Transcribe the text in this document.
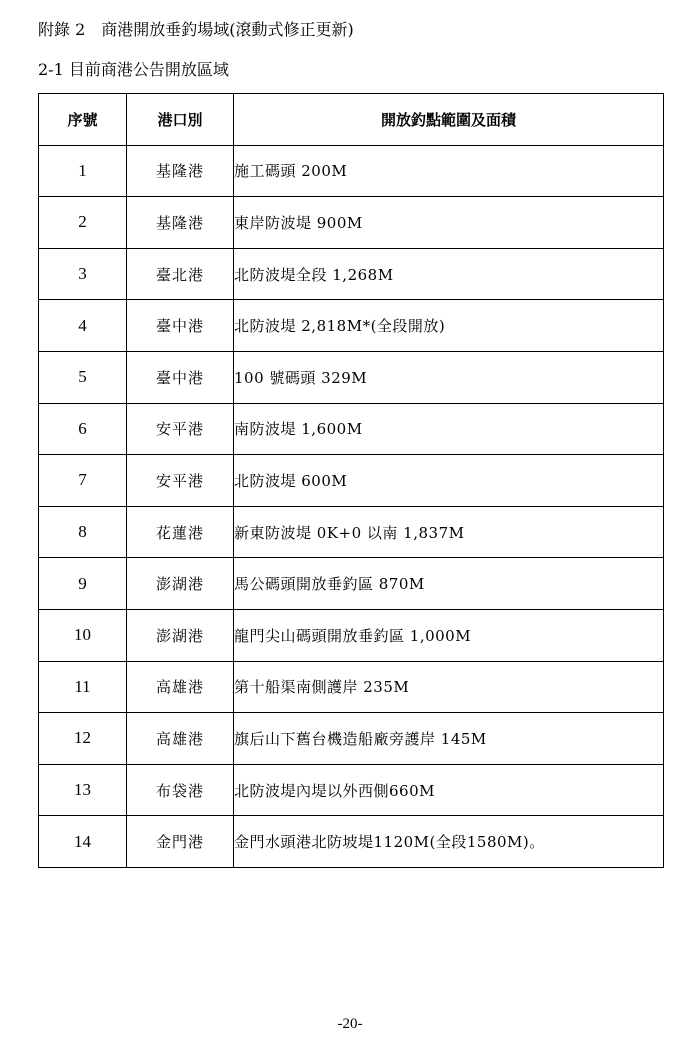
附錄 2　商港開放垂釣場域(滾動式修正更新)
2-1 目前商港公告開放區域
序號	港口別	開放釣點範圍及面積
1	基隆港	施工碼頭 200M
2	基隆港	東岸防波堤 900M
3	臺北港	北防波堤全段 1,268M
4	臺中港	北防波堤 2,818M*(全段開放)
5	臺中港	100 號碼頭 329M
6	安平港	南防波堤 1,600M
7	安平港	北防波堤 600M
8	花蓮港	新東防波堤 0K+0 以南 1,837M
9	澎湖港	馬公碼頭開放垂釣區 870M
10	澎湖港	龍門尖山碼頭開放垂釣區 1,000M
11	高雄港	第十船渠南側護岸 235M
12	高雄港	旗后山下舊台機造船廠旁護岸 145M
13	布袋港	北防波堤內堤以外西側660M
14	金門港	金門水頭港北防坡堤1120M(全段1580M)。
-20-
